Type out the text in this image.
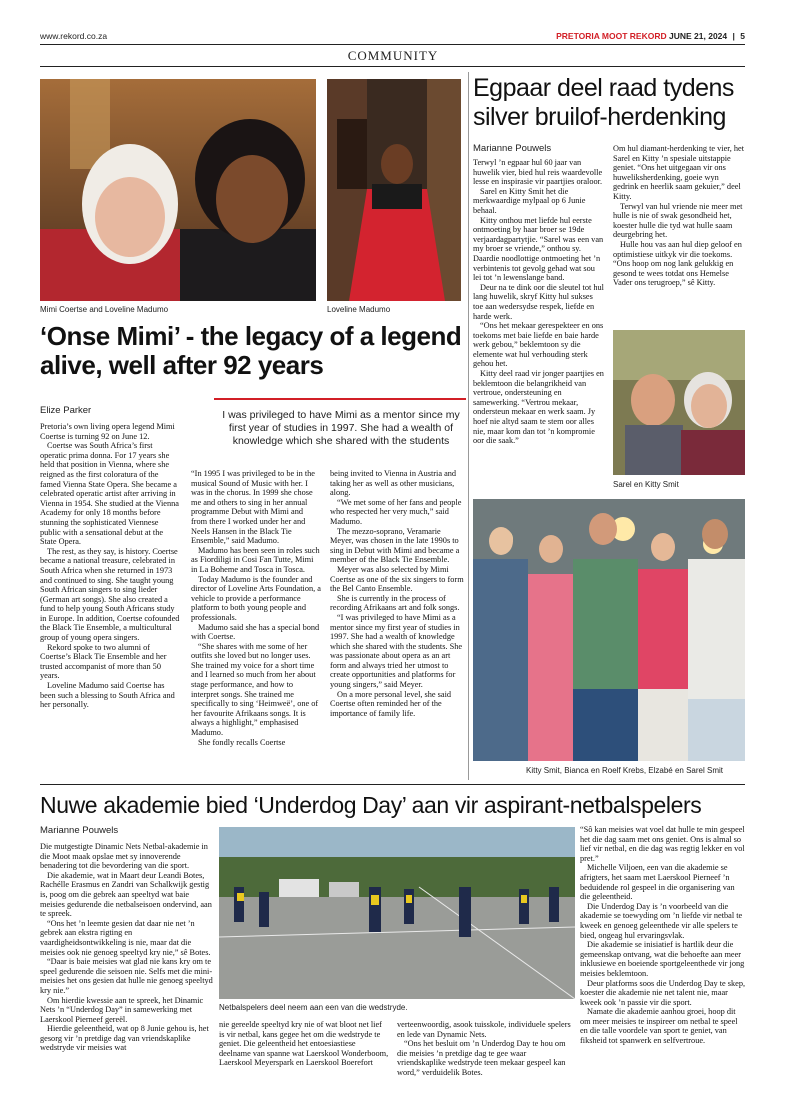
www.rekord.co.za	PRETORIA MOOT REKORD JUNE 21, 2024 | 5
COMMUNITY
Mimi Coertse and Loveline Madumo	Loveline Madumo
‘Onse Mimi’ - the legacy of a legend alive, well after 92 years
Elize Parker	I was privileged to have Mimi as a mentor since my first year of studies in 1997. She had a wealth of knowledge which she shared with the students

Pretoria’s own living opera legend Mimi Coertse is turning 92 on June 12.

Coertse was South Africa’s first operatic prima donna. For 17 years she held that position in Vienna, where she reigned as the first coloratura of the famed Vienna State Opera. She became a celebrated operatic artist after arriving in Vienna in 1954. She studied at the Vienna Academy for only 18 months before stunning the sophisticated Viennese public with a sensational debut at the State Opera.

The rest, as they say, is history. Coertse became a national treasure, celebrated in South Africa when she returned in 1973 and continued to sing. She taught young South African singers to sing lieder (German art songs). She also created a fund to help young South Africans study in Europe. In addition, Coertse cofounded the Black Tie Ensemble, a multicultural group of young opera singers.

Rekord spoke to two alumni of Coertse’s Black Tie Ensemble and her trusted accompanist of more than 50 years.

Loveline Madumo said Coertse has been such a blessing to South Africa and her personally.

“In 1995 I was privileged to be in the musical Sound of Music with her. I was in the chorus. In 1999 she chose me and others to sing in her annual programme Debut with Mimi and from there I worked under her and Neels Hansen in the Black Tie Ensemble,” said Madumo.

Madumo has been seen in roles such as Fiordiligi in Cosi Fan Tutte, Mimi in La Boheme and Tosca in Tosca.

Today Madumo is the founder and director of Loveline Arts Foundation, a vehicle to provide a performance platform to both young people and professionals.

Madumo said she has a special bond with Coertse.

“She shares with me some of her outfits she loved but no longer uses. She trained my voice for a short time and I learned so much from her about stage performance, and how to interpret songs. She trained me specifically to sing ‘Heimweë’, one of her favourite Afrikaans songs. It is always a highlight,” emphasised Madumo.

She fondly recalls Coertse

being invited to Vienna in Austria and taking her as well as other musicians, along.

“We met some of her fans and people who respected her very much,” said Madumo.

The mezzo-soprano, Veramarie Meyer, was chosen in the late 1990s to sing in Debut with Mimi and became a member of the Black Tie Ensemble.

Meyer was also selected by Mimi Coertse as one of the six singers to form the Bel Canto Ensemble.

She is currently in the process of recording Afrikaans art and folk songs.

“I was privileged to have Mimi as a mentor since my first year of studies in 1997. She had a wealth of knowledge which she shared with the students. She was passionate about opera as an art form and always tried her utmost to create opportunities and platforms for young singers,” said Meyer.

On a more personal level, she said Coertse often reminded her of the importance of family life.

Egpaar deel raad tydens silver bruilof-herdenking
Marianne Pouwels

Terwyl ’n egpaar hul 60 jaar van huwelik vier, bied hul reis waardevolle lesse en inspirasie vir paartjies oraloor.

Sarel en Kitty Smit het die merkwaardige mylpaal op 6 Junie behaal.

Kitty onthou met liefde hul eerste ontmoeting by haar broer se 19de verjaardagpartytjie. “Sarel was een van my broer se vriende,” onthou sy. Daardie noodlottige ontmoeting het ’n verbintenis tot gevolg gehad wat sou lei tot ’n lewenslange band.

Deur na te dink oor die sleutel tot hul lang huwelik, skryf Kitty hul sukses toe aan wedersydse respek, liefde en harde werk.

“Ons het mekaar gerespekteer en ons toekoms met baie liefde en baie harde werk gebou,” beklemtoon sy die elemente wat hul verhouding sterk gehou het.

Kitty deel raad vir jonger paartjies en beklemtoon die belangrikheid van vertroue, ondersteuning en samewerking. “Vertrou mekaar, ondersteun mekaar en werk saam. Jy hoef nie altyd saam te stem oor alles nie, maar kom dan tot ’n kompromie oor die saak.”

Om hul diamant-herdenking te vier, het Sarel en Kitty ’n spesiale uitstappie geniet. “Ons het uitgegaan vir ons huweliksherdenking, goeie wyn gedrink en heerlik saam gekuier,” deel Kitty.

Terwyl van hul vriende nie meer met hulle is nie of swak gesondheid het, koester hulle die tyd wat hulle saam deurgebring het.

Hulle hou vas aan hul diep geloof en optimistiese uitkyk vir die toekoms. “Ons hoop om nog lank gelukkig en gesond te wees totdat ons Hemelse Vader ons terugroep,” sê Kitty.

Sarel en Kitty Smit
Kitty Smit, Bianca en Roelf Krebs, Elzabé en Sarel Smit
Nuwe akademie bied ‘Underdog Day’ aan vir aspirant-netbalspelers
Marianne Pouwels

Die mutgestigte Dinamic Nets Netbal-akademie in die Moot maak opslae met sy innoverende benadering tot die bevordering van die sport.

Die akademie, wat in Maart deur Leandi Botes, Rachélle Erasmus en Zandri van Schalkwijk gestig is, poog om die gebrek aan speeltyd wat baie meisies gedurende die netbalseisoen ondervind, aan te spreek.

“Ons het ’n leemte gesien dat daar nie net ’n gebrek aan ekstra rigting en vaardigheidsontwikkeling is nie, maar dat die meisies ook nie genoeg speeltyd kry nie,” sê Botes.

“Daar is baie meisies wat glad nie kans kry om te speel gedurende die seisoen nie. Selfs met die mini-meisies het ons gesien dat hulle nie genoeg speeltyd kry nie.”

Om hierdie kwessie aan te spreek, het Dinamic Nets ’n “Underdog Day” in samewerking met Laerskool Pierneef gereël.

Hierdie geleentheid, wat op 8 Junie gehou is, het gesorg vir ’n pretdige dag van vriendskaplike wedstryde vir meisies wat

Netbalspelers deel neem aan een van die wedstryde.

nie gereelde speeltyd kry nie of wat bloot net lief is vir netbal, kans gegee het om die wedstryde te geniet. Die geleentheid het entoesiastiese deelname van spanne wat Laerskool Wonderboom, Laerskool Meyerspark en Laerskool Boerefort

verteenwoordig, asook tuisskole, individuele spelers en lede van Dynamic Nets.

“Ons het besluit om ’n Underdog Day te hou om die meisies ’n pretdige dag te gee waar vriendskaplike wedstryde teen mekaar gespeel kan word,” verduidelik Botes.

“Sô kan meisies wat voel dat hulle te min gespeel het die dag saam met ons geniet. Ons is almal so lief vir netbal, en die dag was regtig lekker en vol pret.”

Michelle Viljoen, een van die akademie se afrigters, het saam met Laerskool Pierneef ’n beduidende rol gespeel in die organisering van die geleentheid.

Die Underdog Day is ’n voorbeeld van die akademie se toewyding om ’n liefde vir netbal te kweek en genoeg geleenthede vir alle spelers te bied, ongeag hul ervaringsvlak.

Die akademie se inisiatief is hartlik deur die gemeenskap ontvang, wat die behoefte aan meer inklusiewe en boeiende sportgeleenthede vir jong meisies beklemtoon.

Deur platforms soos die Underdog Day te skep, koester die akademie nie net talent nie, maar kweek ook ’n passie vir die sport.

Namate die akademie aanhou groei, hoop dit om meer meisies te inspireer om netbal te speel en die talle voordele van sport te geniet, van fiksheid tot spanwerk en selfvertroue.
